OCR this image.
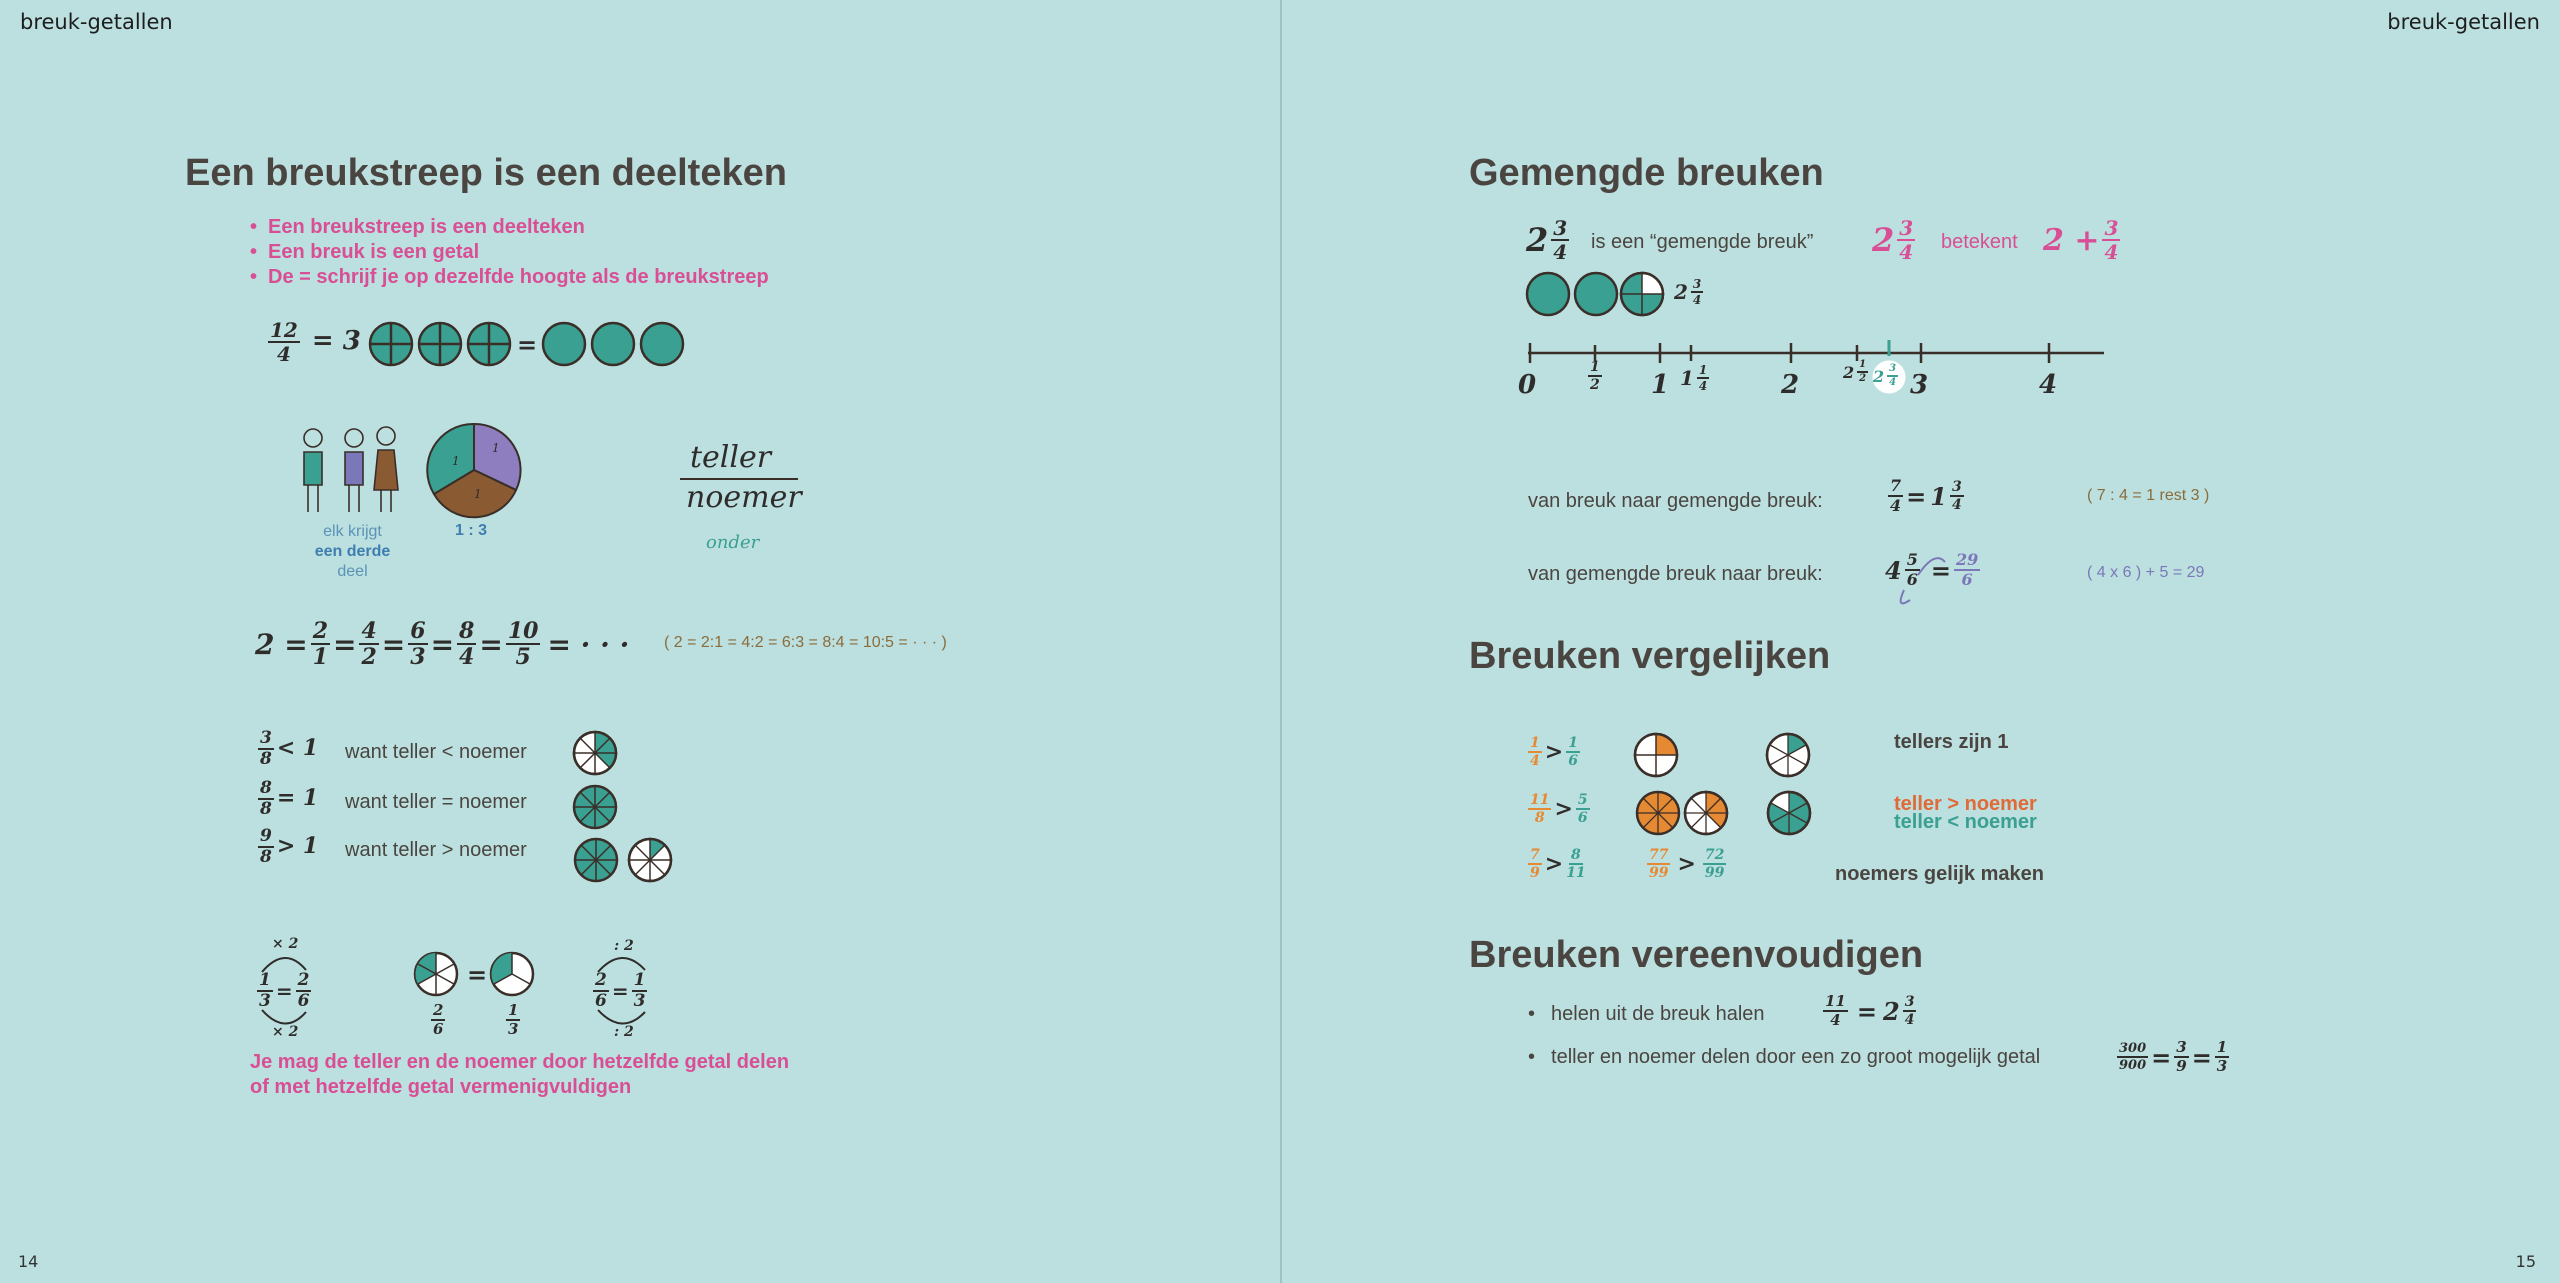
breuk-getallen	breuk-getallen
14	15
Een breukstreep is een deelteken
• Een breukstreep is een deelteken
• Een breuk is een getal
• De = schrijf je op dezelfde hoogte als de breukstreep
$\frac{12}{4} = 3$	=
1
1
1
elk krijgt
een derde
deel
1 : 3
teller
noemer
onder
$2 = \frac{2}{1} = \frac{4}{2} = \frac{6}{3} = \frac{8}{4} = \frac{10}{5}$ = · · · ( 2 = 2:1 = 4:2 = 6:3 = 8:4 = 10:5 = · · · )
$\frac{3}{8} < 1$ want teller < noemer
$\frac{8}{8} = 1$ want teller = noemer
$\frac{9}{8} > 1$ want teller > noemer
× 2
$\frac{1}{3} = \frac{2}{6}$
× 2
=
$\frac{2}{6}$	$\frac{1}{3}$
: 2
$\frac{2}{6} = \frac{1}{3}$
: 2
Je mag de teller en de noemer door hetzelfde getal delen
of met hetzelfde getal vermenigvuldigen
Gemengde breuken
$2 \frac{3}{4}$ is een “gemengde breuk” $2 \frac{3}{4}$ betekent $2 + \frac{3}{4}$
$2 \frac{3}{4}$
0	$\frac{1}{2} 1$ $1 \frac{1}{4}$	2	$2 \frac{1}{2} 2 \frac{3}{4} 3$	4
van breuk naar gemengde breuk:	$\frac{7}{4} = 1 \frac{3}{4}$	( 7 : 4 = 1 rest 3 )
van gemengde breuk naar breuk:	$4 \frac{5}{6} = \frac{29}{6}$	( 4 x 6 ) + 5 = 29
Breuken vergelijken
$\frac{1}{4} > \frac{1}{6}$
$\frac{11}{8} > \frac{5}{6}$
$\frac{7}{9} > \frac{8}{11}$	$\frac{77}{99} > \frac{72}{99}$
tellers zijn 1
teller > noemer
teller < noemer
noemers gelijk maken
Breuken vereenvoudigen
• helen uit de breuk halen	$\frac{11}{4} = 2 \frac{3}{4}$
• teller en noemer delen door een zo groot mogelijk getal	$\frac{300}{900} = \frac{3}{9} = \frac{1}{3}$
